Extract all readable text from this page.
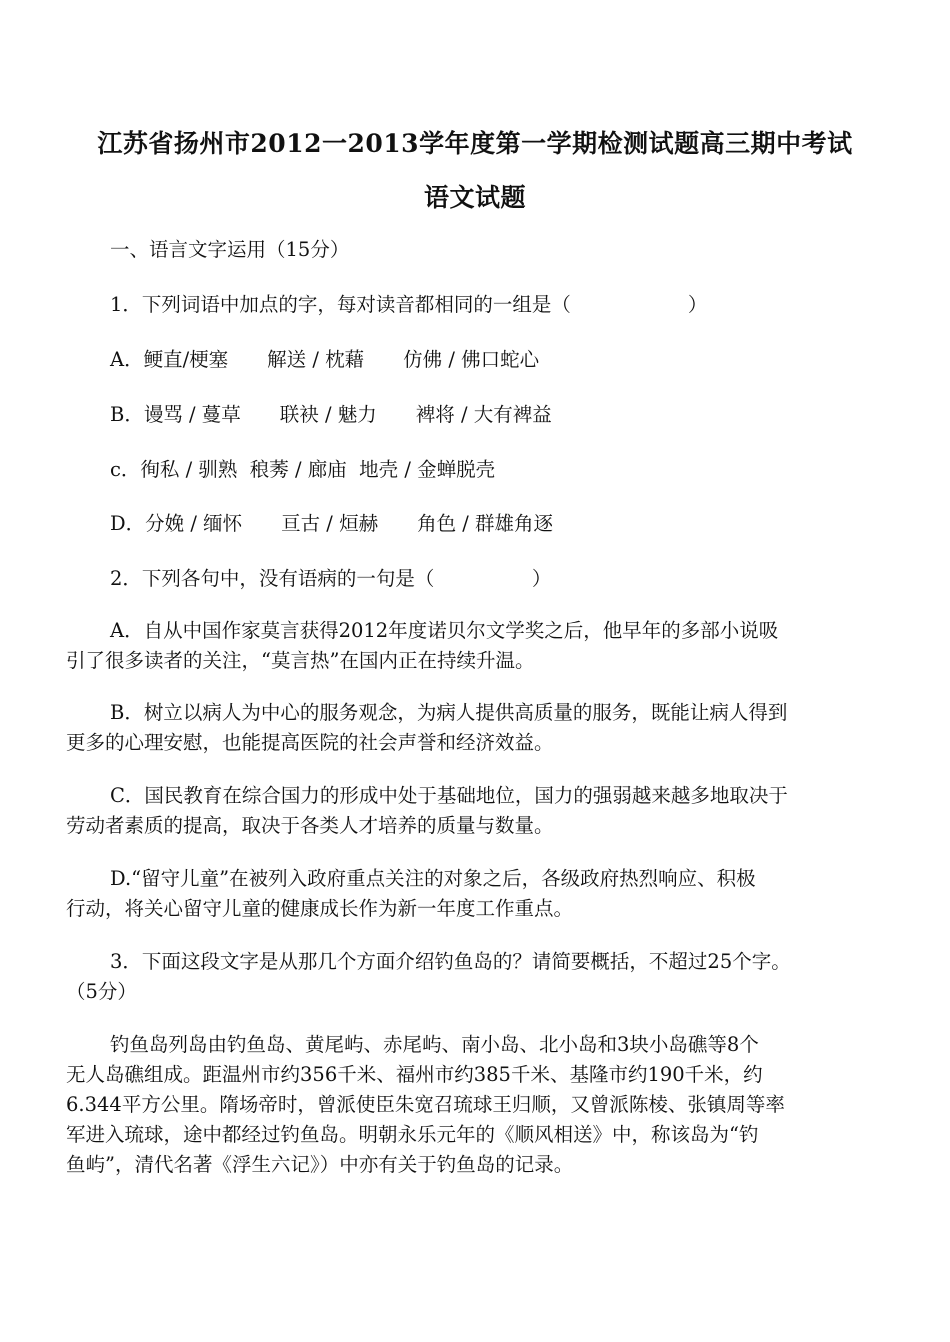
江苏省扬州市2012一2013学年度第一学期检测试题高三期中考试
语文试题
一、语言文字运用（15分）
1．下列词语中加点的字，每对读音都相同的一组是（　　　　　　）
A．鲠直/梗塞　　解送 / 枕藉　　仿佛 / 佛口蛇心
B．谩骂 / 蔓草　　联袂 / 魅力　　裨将 / 大有裨益
c．徇私 / 驯熟  稂莠 / 廊庙  地壳 / 金蝉脱壳
D．分娩 / 缅怀　　亘古 / 烜赫　　角色 / 群雄角逐
2．下列各句中，没有语病的一句是（　　　　　）
A．自从中国作家莫言获得2012年度诺贝尔文学奖之后，他早年的多部小说吸
引了很多读者的关注，“莫言热”在国内正在持续升温。
B．树立以病人为中心的服务观念，为病人提供高质量的服务，既能让病人得到
更多的心理安慰，也能提高医院的社会声誉和经济效益。
C．国民教育在综合国力的形成中处于基础地位，国力的强弱越来越多地取决于
劳动者素质的提高，取决于各类人才培养的质量与数量。
D.“留守儿童”在被列入政府重点关注的对象之后，各级政府热烈响应、积极
行动，将关心留守儿童的健康成长作为新一年度工作重点。
3．下面这段文字是从那几个方面介绍钓鱼岛的？请简要概括，不超过25个字。
（5分）
钓鱼岛列岛由钓鱼岛、黄尾屿、赤尾屿、南小岛、北小岛和3块小岛礁等8个
无人岛礁组成。距温州市约356千米、福州市约385千米、基隆市约190千米，约
6.344平方公里。隋场帝时，曾派使臣朱宽召琉球王归顺，又曾派陈棱、张镇周等率
军进入琉球，途中都经过钓鱼岛。明朝永乐元年的《顺风相送》中，称该岛为“钓
鱼屿”，清代名著《浮生六记》）中亦有关于钓鱼岛的记录。
